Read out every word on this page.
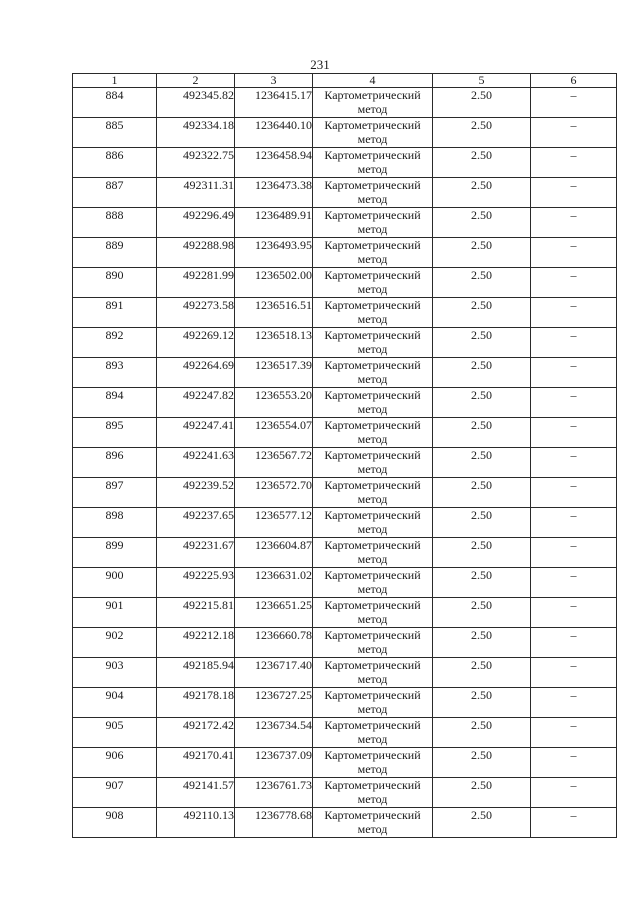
231
1	2	3	4	5	6
884	492345.82	1236415.17	Картометрический метод	2.50	–
885	492334.18	1236440.10	Картометрический метод	2.50	–
886	492322.75	1236458.94	Картометрический метод	2.50	–
887	492311.31	1236473.38	Картометрический метод	2.50	–
888	492296.49	1236489.91	Картометрический метод	2.50	–
889	492288.98	1236493.95	Картометрический метод	2.50	–
890	492281.99	1236502.00	Картометрический метод	2.50	–
891	492273.58	1236516.51	Картометрический метод	2.50	–
892	492269.12	1236518.13	Картометрический метод	2.50	–
893	492264.69	1236517.39	Картометрический метод	2.50	–
894	492247.82	1236553.20	Картометрический метод	2.50	–
895	492247.41	1236554.07	Картометрический метод	2.50	–
896	492241.63	1236567.72	Картометрический метод	2.50	–
897	492239.52	1236572.70	Картометрический метод	2.50	–
898	492237.65	1236577.12	Картометрический метод	2.50	–
899	492231.67	1236604.87	Картометрический метод	2.50	–
900	492225.93	1236631.02	Картометрический метод	2.50	–
901	492215.81	1236651.25	Картометрический метод	2.50	–
902	492212.18	1236660.78	Картометрический метод	2.50	–
903	492185.94	1236717.40	Картометрический метод	2.50	–
904	492178.18	1236727.25	Картометрический метод	2.50	–
905	492172.42	1236734.54	Картометрический метод	2.50	–
906	492170.41	1236737.09	Картометрический метод	2.50	–
907	492141.57	1236761.73	Картометрический метод	2.50	–
908	492110.13	1236778.68	Картометрический метод	2.50	–
